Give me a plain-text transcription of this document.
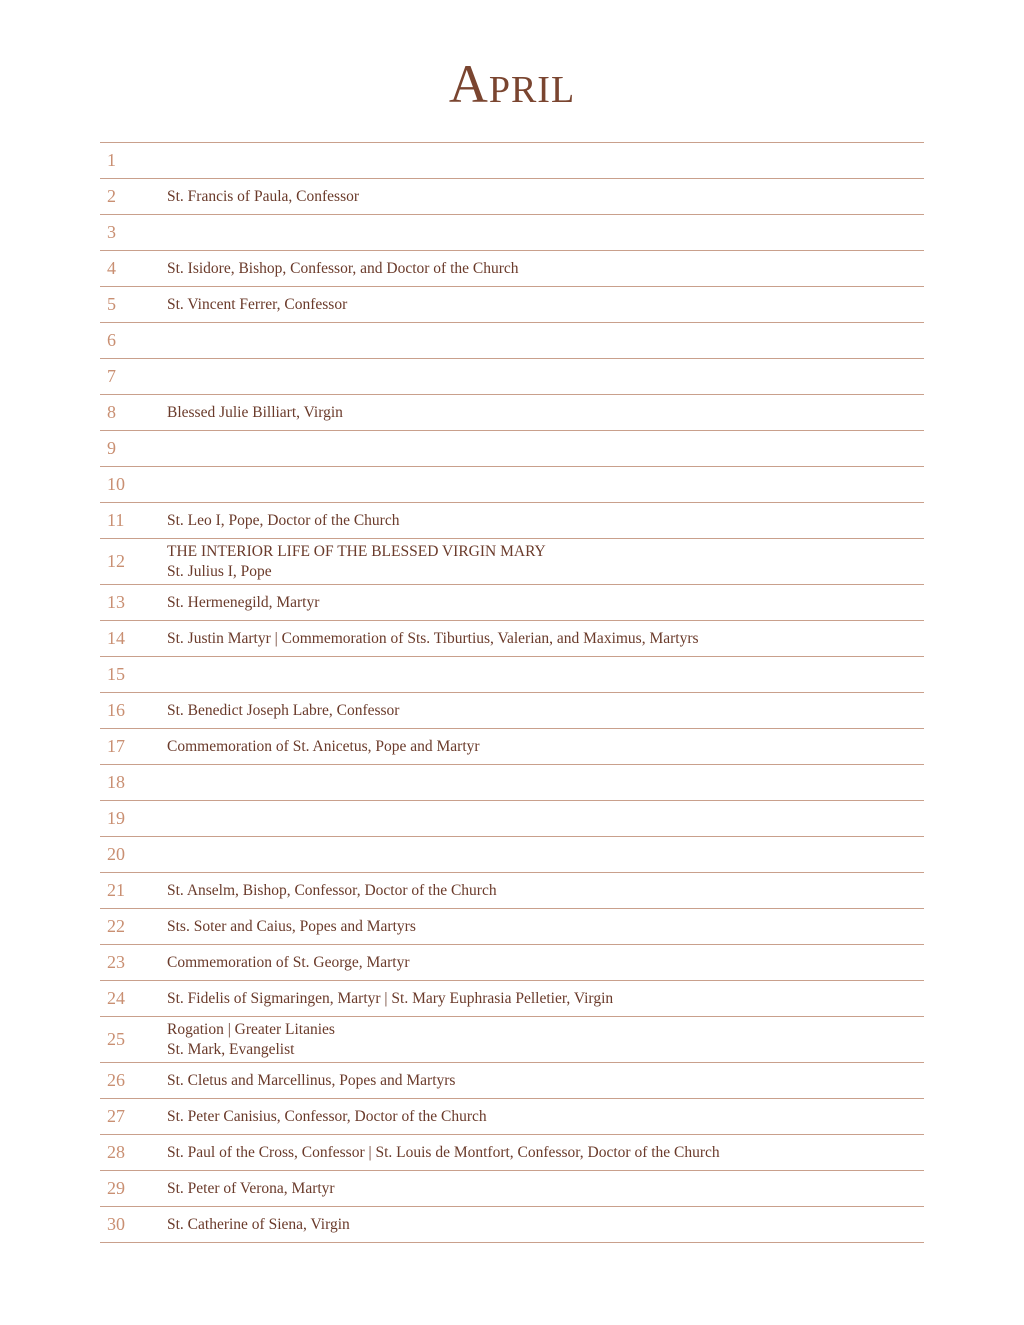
April
1
2	St. Francis of Paula, Confessor
3
4	St. Isidore, Bishop, Confessor, and Doctor of the Church
5	St. Vincent Ferrer, Confessor
6
7
8	Blessed Julie Billiart, Virgin
9
10
11	St. Leo I, Pope, Doctor of the Church
12	THE INTERIOR LIFE OF THE BLESSED VIRGIN MARY
St. Julius I, Pope
13	St. Hermenegild, Martyr
14	St. Justin Martyr | Commemoration of Sts. Tiburtius, Valerian, and Maximus, Martyrs
15
16	St. Benedict Joseph Labre, Confessor
17	Commemoration of St. Anicetus, Pope and Martyr
18
19
20
21	St. Anselm, Bishop, Confessor, Doctor of the Church
22	Sts. Soter and Caius, Popes and Martyrs
23	Commemoration of St. George, Martyr
24	St. Fidelis of Sigmaringen, Martyr | St. Mary Euphrasia Pelletier, Virgin
25	Rogation | Greater Litanies
St. Mark, Evangelist
26	St. Cletus and Marcellinus, Popes and Martyrs
27	St. Peter Canisius, Confessor, Doctor of the Church
28	St. Paul of the Cross, Confessor | St. Louis de Montfort, Confessor, Doctor of the Church
29	St. Peter of Verona, Martyr
30	St. Catherine of Siena, Virgin
